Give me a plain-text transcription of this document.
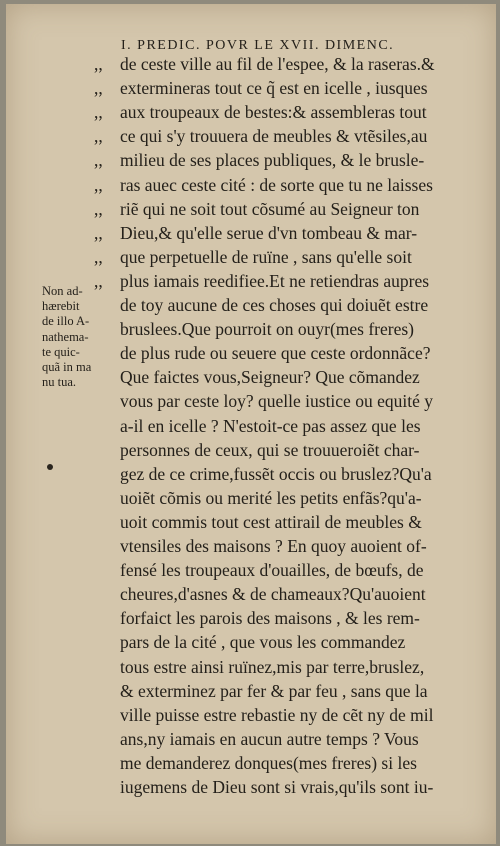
I. PREDIC. POVR LE XVII. DIMENC.
Non ad-
hærebit
de illo A-
nathema-
te quic-
quã in ma
nu tua.
,, de ceste ville au fil de l'espee, & la raseras.&
,, extermineras tout ce q̃ est en icelle , iusques
,, aux troupeaux de bestes:& assembleras tout
,, ce qui s'y trouuera de meubles & vtẽsiles,au
,, milieu de ses places publiques, & le brusle-
,, ras auec ceste cité : de sorte que tu ne laisses
,, riẽ qui ne soit tout cõsumé au Seigneur ton
,, Dieu,& qu'elle serue d'vn tombeau & mar-
,, que perpetuelle de ruïne , sans qu'elle soit
,, plus iamais reedifiee.Et ne retiendras aupres
de toy aucune de ces choses qui doiuẽt estre
bruslees.Que pourroit on ouyr(mes freres)
de plus rude ou seuere que ceste ordonnãce?
Que faictes vous,Seigneur? Que cõmandez
vous par ceste loy? quelle iustice ou equité y
a-il en icelle ? N'estoit-ce pas assez que les
personnes de ceux, qui se trouueroiẽt char-
gez de ce crime,fussẽt occis ou bruslez?Qu'a
uoiẽt cõmis ou merité les petits enfãs?qu'a-
uoit commis tout cest attirail de meubles &
vtensiles des maisons ? En quoy auoient of-
fensé les troupeaux d'ouailles, de bœufs, de
cheures,d'asnes & de chameaux?Qu'auoient
forfaict les parois des maisons , & les rem-
pars de la cité , que vous les commandez
tous estre ainsi ruïnez,mis par terre,bruslez,
& exterminez par fer & par feu , sans que la
ville puisse estre rebastie ny de cẽt ny de mil
ans,ny iamais en aucun autre temps ? Vous
me demanderez donques(mes freres) si les
iugemens de Dieu sont si vrais,qu'ils sont iu-
